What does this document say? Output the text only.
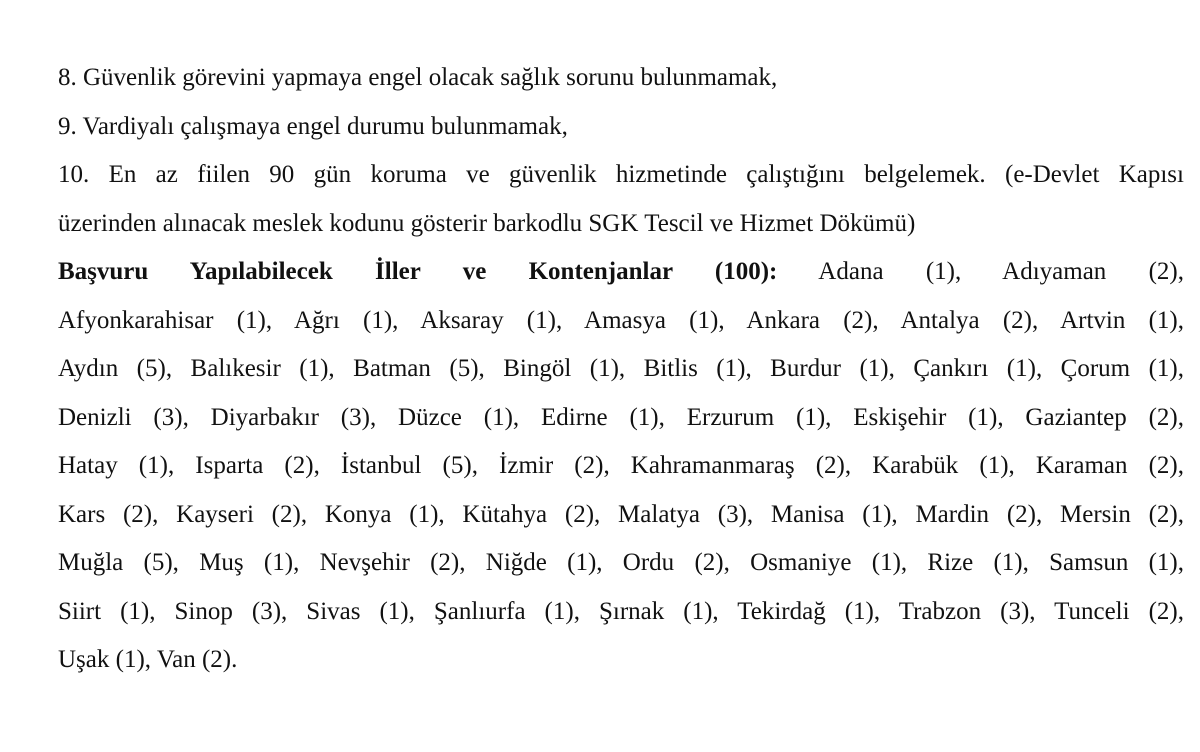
8. Güvenlik görevini yapmaya engel olacak sağlık sorunu bulunmamak,

9. Vardiyalı çalışmaya engel durumu bulunmamak,

10. En az fiilen 90 gün koruma ve güvenlik hizmetinde çalıştığını belgelemek. (e-Devlet Kapısı

üzerinden alınacak meslek kodunu gösterir barkodlu SGK Tescil ve Hizmet Dökümü)

Başvuru Yapılabilecek İller ve Kontenjanlar (100): Adana (1), Adıyaman (2),

Afyonkarahisar (1), Ağrı (1), Aksaray (1), Amasya (1), Ankara (2), Antalya (2), Artvin (1),

Aydın (5), Balıkesir (1), Batman (5), Bingöl (1), Bitlis (1), Burdur (1), Çankırı (1), Çorum (1),

Denizli (3), Diyarbakır (3), Düzce (1), Edirne (1), Erzurum (1), Eskişehir (1), Gaziantep (2),

Hatay (1), Isparta (2), İstanbul (5), İzmir (2), Kahramanmaraş (2), Karabük (1), Karaman (2),

Kars (2), Kayseri (2), Konya (1), Kütahya (2), Malatya (3), Manisa (1), Mardin (2), Mersin (2),

Muğla (5), Muş (1), Nevşehir (2), Niğde (1), Ordu (2), Osmaniye (1), Rize (1), Samsun (1),

Siirt (1), Sinop (3), Sivas (1), Şanlıurfa (1), Şırnak (1), Tekirdağ (1), Trabzon (3), Tunceli (2),

Uşak (1), Van (2).
